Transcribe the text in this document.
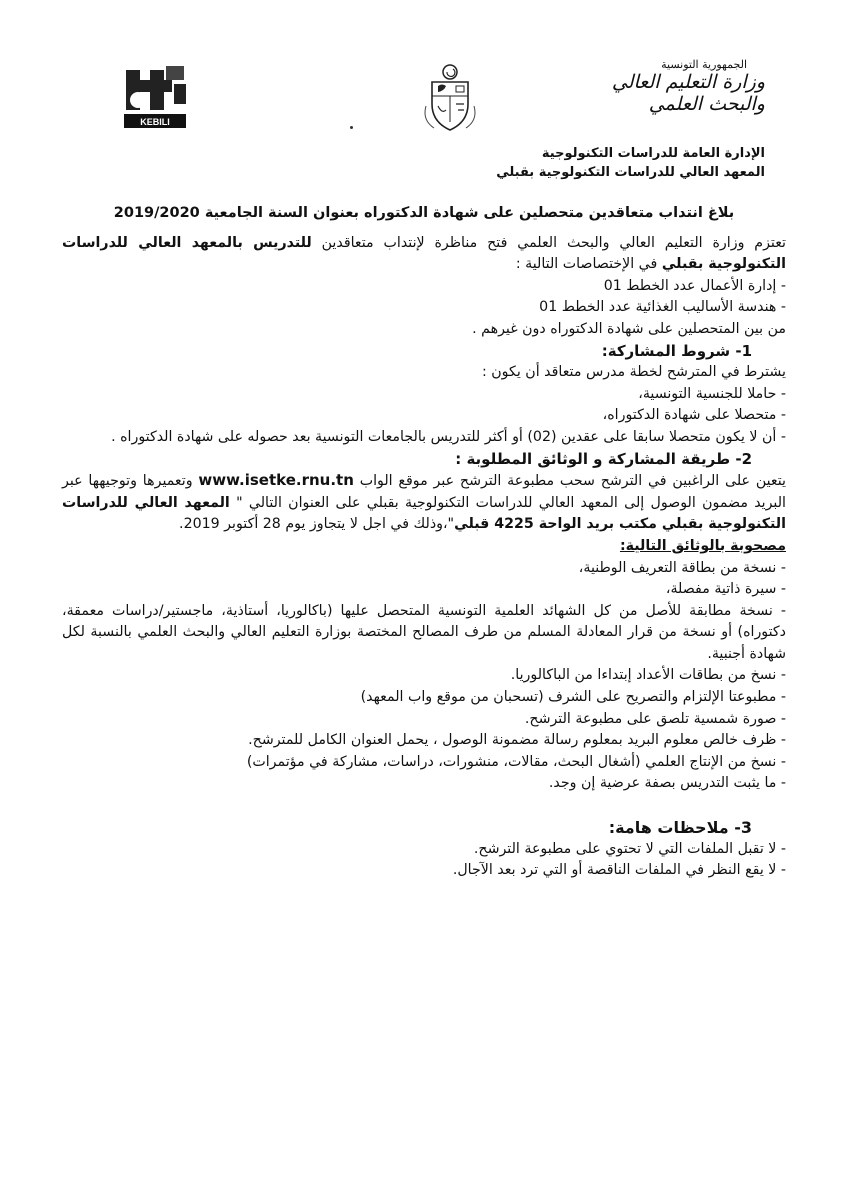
KEBILI
الجمهورية التونسية
وزارة التعليم العالي
والبحث العلمي
الإدارة العامة للدراسات التكنولوجية
المعهد العالي للدراسات التكنولوجية بقبلي

بلاغ انتداب متعاقدين متحصلين على شهادة الدكتوراه بعنوان السنة الجامعية 2019/2020

تعتزم وزارة التعليم العالي والبحث العلمي فتح مناظرة لإنتداب متعاقدين للتدريس بالمعهد العالي للدراسات التكنولوجية بقبلي في الإختصاصات التالية :

- إدارة الأعمال عدد الخطط 01

- هندسة الأساليب الغذائية عدد الخطط 01

من بين المتحصلين على شهادة الدكتوراه دون غيرهم .

1- شروط المشاركة:

يشترط في المترشح لخطة مدرس متعاقد أن يكون :

- حاملا للجنسية التونسية،

- متحصلا على شهادة الدكتوراه،

- أن لا يكون متحصلا سابقا على عقدين (02) أو أكثر للتدريس بالجامعات التونسية بعد حصوله على شهادة الدكتوراه .

2- طريقة المشاركة و الوثائق المطلوبة :

يتعين على الراغبين في الترشح سحب مطبوعة الترشح عبر موقع الواب www.isetke.rnu.tn وتعميرها وتوجيهها عبر البريد مضمون الوصول إلى المعهد العالي للدراسات التكنولوجية بقبلي على العنوان التالي " المعهد العالي للدراسات التكنولوجية بقبلي مكتب بريد الواحة 4225 قبلي"،وذلك في اجل لا يتجاوز يوم 28 أكتوبر 2019.

مصحوبة بالوثائق التالية:

- نسخة من بطاقة التعريف الوطنية،

- سيرة ذاتية مفصلة،

- نسخة مطابقة للأصل من كل الشهائد العلمية التونسية المتحصل عليها (باكالوريا، أستاذية، ماجستير/دراسات معمقة، دكتوراه) أو نسخة من قرار المعادلة المسلم من طرف المصالح المختصة بوزارة التعليم العالي والبحث العلمي بالنسبة لكل شهادة أجنبية.

- نسخ من بطاقات الأعداد إبتداءا من الباكالوريا.

- مطبوعتا الإلتزام والتصريح على الشرف (تسحبان من موقع واب المعهد)

- صورة شمسية تلصق على مطبوعة الترشح.

- ظرف خالص معلوم البريد بمعلوم رسالة مضمونة الوصول ، يحمل العنوان الكامل للمترشح.

- نسخ من الإنتاج العلمي (أشغال البحث، مقالات، منشورات، دراسات، مشاركة في مؤتمرات)

- ما يثبت التدريس بصفة عرضية إن وجد.

3- ملاحظات هامة:

- لا تقبل الملفات التي لا تحتوي على مطبوعة الترشح.

- لا يقع النظر في الملفات الناقصة أو التي ترد بعد الآجال.
